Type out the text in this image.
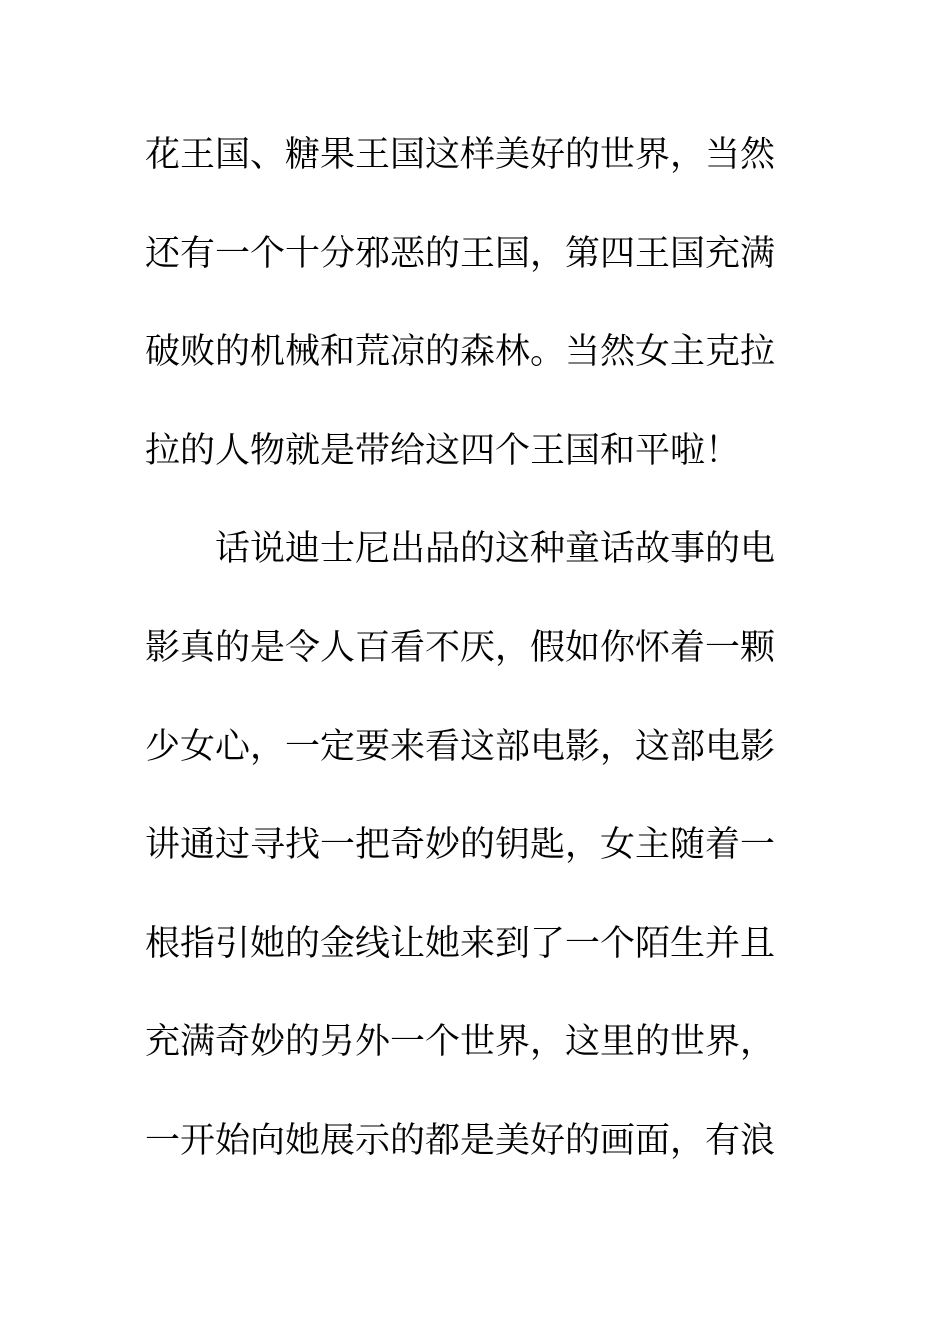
花王国、糖果王国这样美好的世界，当然
还有一个十分邪恶的王国，第四王国充满
破败的机械和荒凉的森林。当然女主克拉
拉的人物就是带给这四个王国和平啦！
话说迪士尼出品的这种童话故事的电
影真的是令人百看不厌，假如你怀着一颗
少女心，一定要来看这部电影，这部电影
讲通过寻找一把奇妙的钥匙，女主随着一
根指引她的金线让她来到了一个陌生并且
充满奇妙的另外一个世界，这里的世界，
一开始向她展示的都是美好的画面，有浪
